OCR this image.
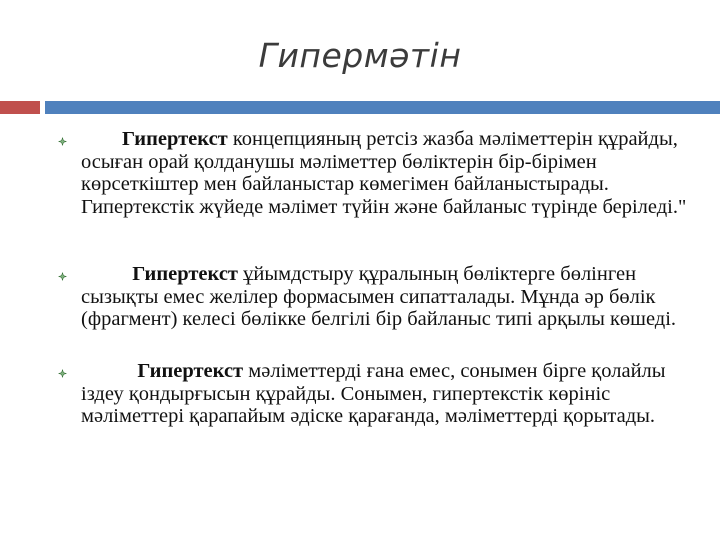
Гипермәтін
Гипертекст концепцияның ретсіз жазба мәліметтерін құрайды, осыған орай қолданушы мәліметтер бөліктерін бір-бірімен көрсеткіштер мен байланыстар көмегімен байланыстырады. Гипертекстік жүйеде мәлімет түйін және байланыс түрінде беріледі."
Гипертекст ұйымдстыру құралының бөліктерге бөлінген сызықты емес желілер формасымен сипатталады. Мұнда әр бөлік (фрагмент) келесі бөлікке белгілі бір байланыс типі арқылы көшеді.
Гипертекст мәліметтерді ғана емес, сонымен бірге қолайлы іздеу қондырғысын құрайды. Сонымен, гипертекстік көрініс мәліметтері қарапайым әдіске қарағанда, мәліметтерді қорытады.
